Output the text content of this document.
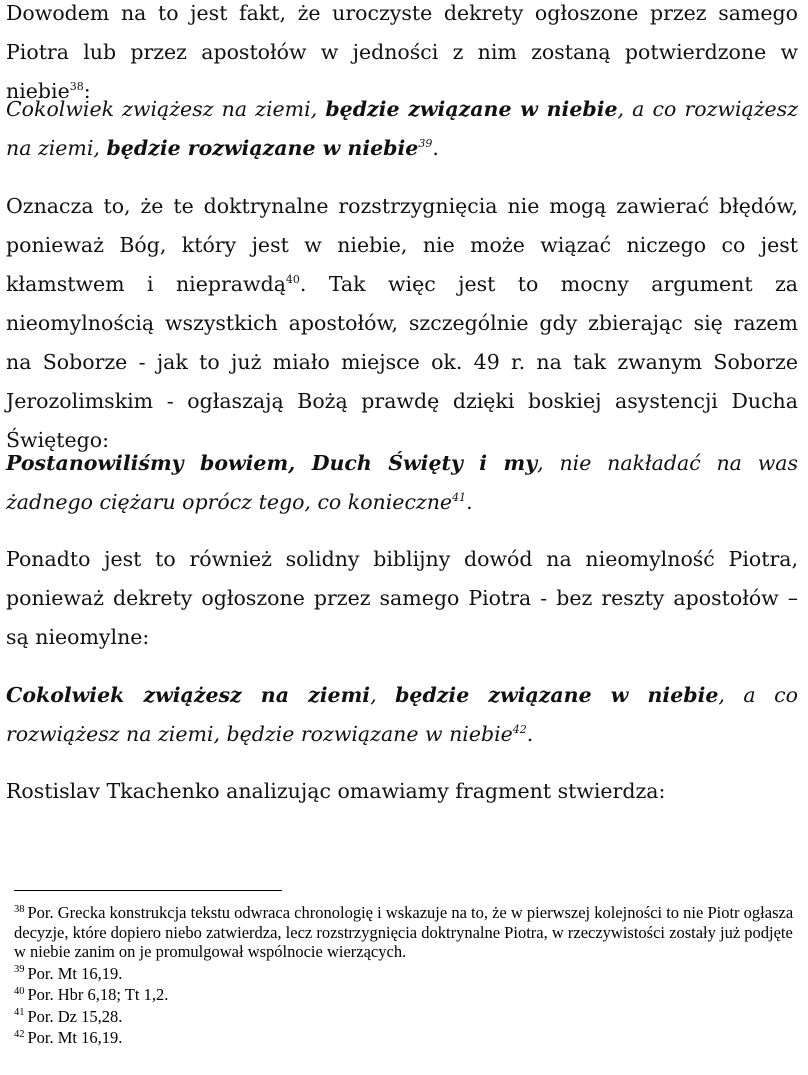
Dowodem na to jest fakt, że uroczyste dekrety ogłoszone przez samego Piotra lub przez apostołów w jedności z nim zostaną potwierdzone w niebie$^{38}$:

Cokolwiek zwiążesz na ziemi, będzie związane w niebie, a co rozwiążesz na ziemi, będzie rozwiązane w niebie$^{39}$.

Oznacza to, że te doktrynalne rozstrzygnięcia nie mogą zawierać błędów, ponieważ Bóg, który jest w niebie, nie może wiązać niczego co jest kłamstwem i nieprawdą$^{40}$. Tak więc jest to mocny argument za nieomylnością wszystkich apostołów, szczególnie gdy zbierając się razem na Soborze - jak to już miało miejsce ok. 49 r. na tak zwanym Soborze Jerozolimskim - ogłaszają Bożą prawdę dzięki boskiej asystencji Ducha Świętego:

Postanowiliśmy bowiem, Duch Święty i my, nie nakładać na was żadnego ciężaru oprócz tego, co konieczne$^{41}$.

Ponadto jest to również solidny biblijny dowód na nieomylność Piotra, ponieważ dekrety ogłoszone przez samego Piotra - bez reszty apostołów – są nieomylne:

Cokolwiek zwiążesz na ziemi, będzie związane w niebie, a co rozwiążesz na ziemi, będzie rozwiązane w niebie$^{42}$.

Rostislav Tkachenko analizując omawiamy fragment stwierdza:

$^{38}$ Por. Grecka konstrukcja tekstu odwraca chronologię i wskazuje na to, że w pierwszej kolejności to nie Piotr ogłasza decyzje, które dopiero niebo zatwierdza, lecz rozstrzygnięcia doktrynalne Piotra, w rzeczywistości zostały już podjęte w niebie zanim on je promulgował wspólnocie wierzących.

$^{39}$ Por. Mt 16,19.

$^{40}$ Por. Hbr 6,18; Tt 1,2.

$^{41}$ Por. Dz 15,28.

$^{42}$ Por. Mt 16,19.
